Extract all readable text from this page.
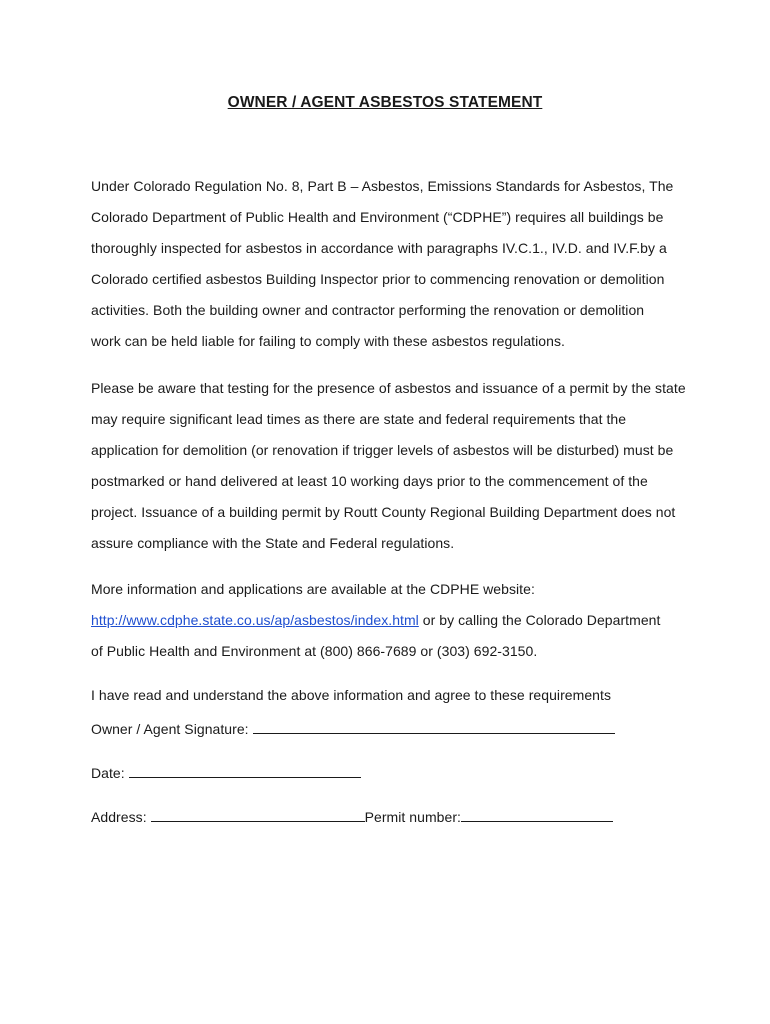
OWNER / AGENT ASBESTOS STATEMENT
Under Colorado Regulation No. 8, Part B – Asbestos, Emissions Standards for Asbestos, The
Colorado Department of Public Health and Environment (“CDPHE”) requires all buildings be
thoroughly inspected for asbestos in accordance with paragraphs IV.C.1., IV.D. and IV.F.by a
Colorado certified asbestos Building Inspector prior to commencing renovation or demolition
activities. Both the building owner and contractor performing the renovation or demolition
work can be held liable for failing to comply with these asbestos regulations.
Please be aware that testing for the presence of asbestos and issuance of a permit by the state
may require significant lead times as there are state and federal requirements that the
application for demolition (or renovation if trigger levels of asbestos will be disturbed) must be
postmarked or hand delivered at least 10 working days prior to the commencement of the
project. Issuance of a building permit by Routt County Regional Building Department does not
assure compliance with the State and Federal regulations.
More information and applications are available at the CDPHE website:
http://www.cdphe.state.co.us/ap/asbestos/index.html or by calling the Colorado Department
of Public Health and Environment at (800) 866-7689 or (303) 692-3150.
I have read and understand the above information and agree to these requirements
Owner / Agent Signature:
Date:
Address:	Permit number:
